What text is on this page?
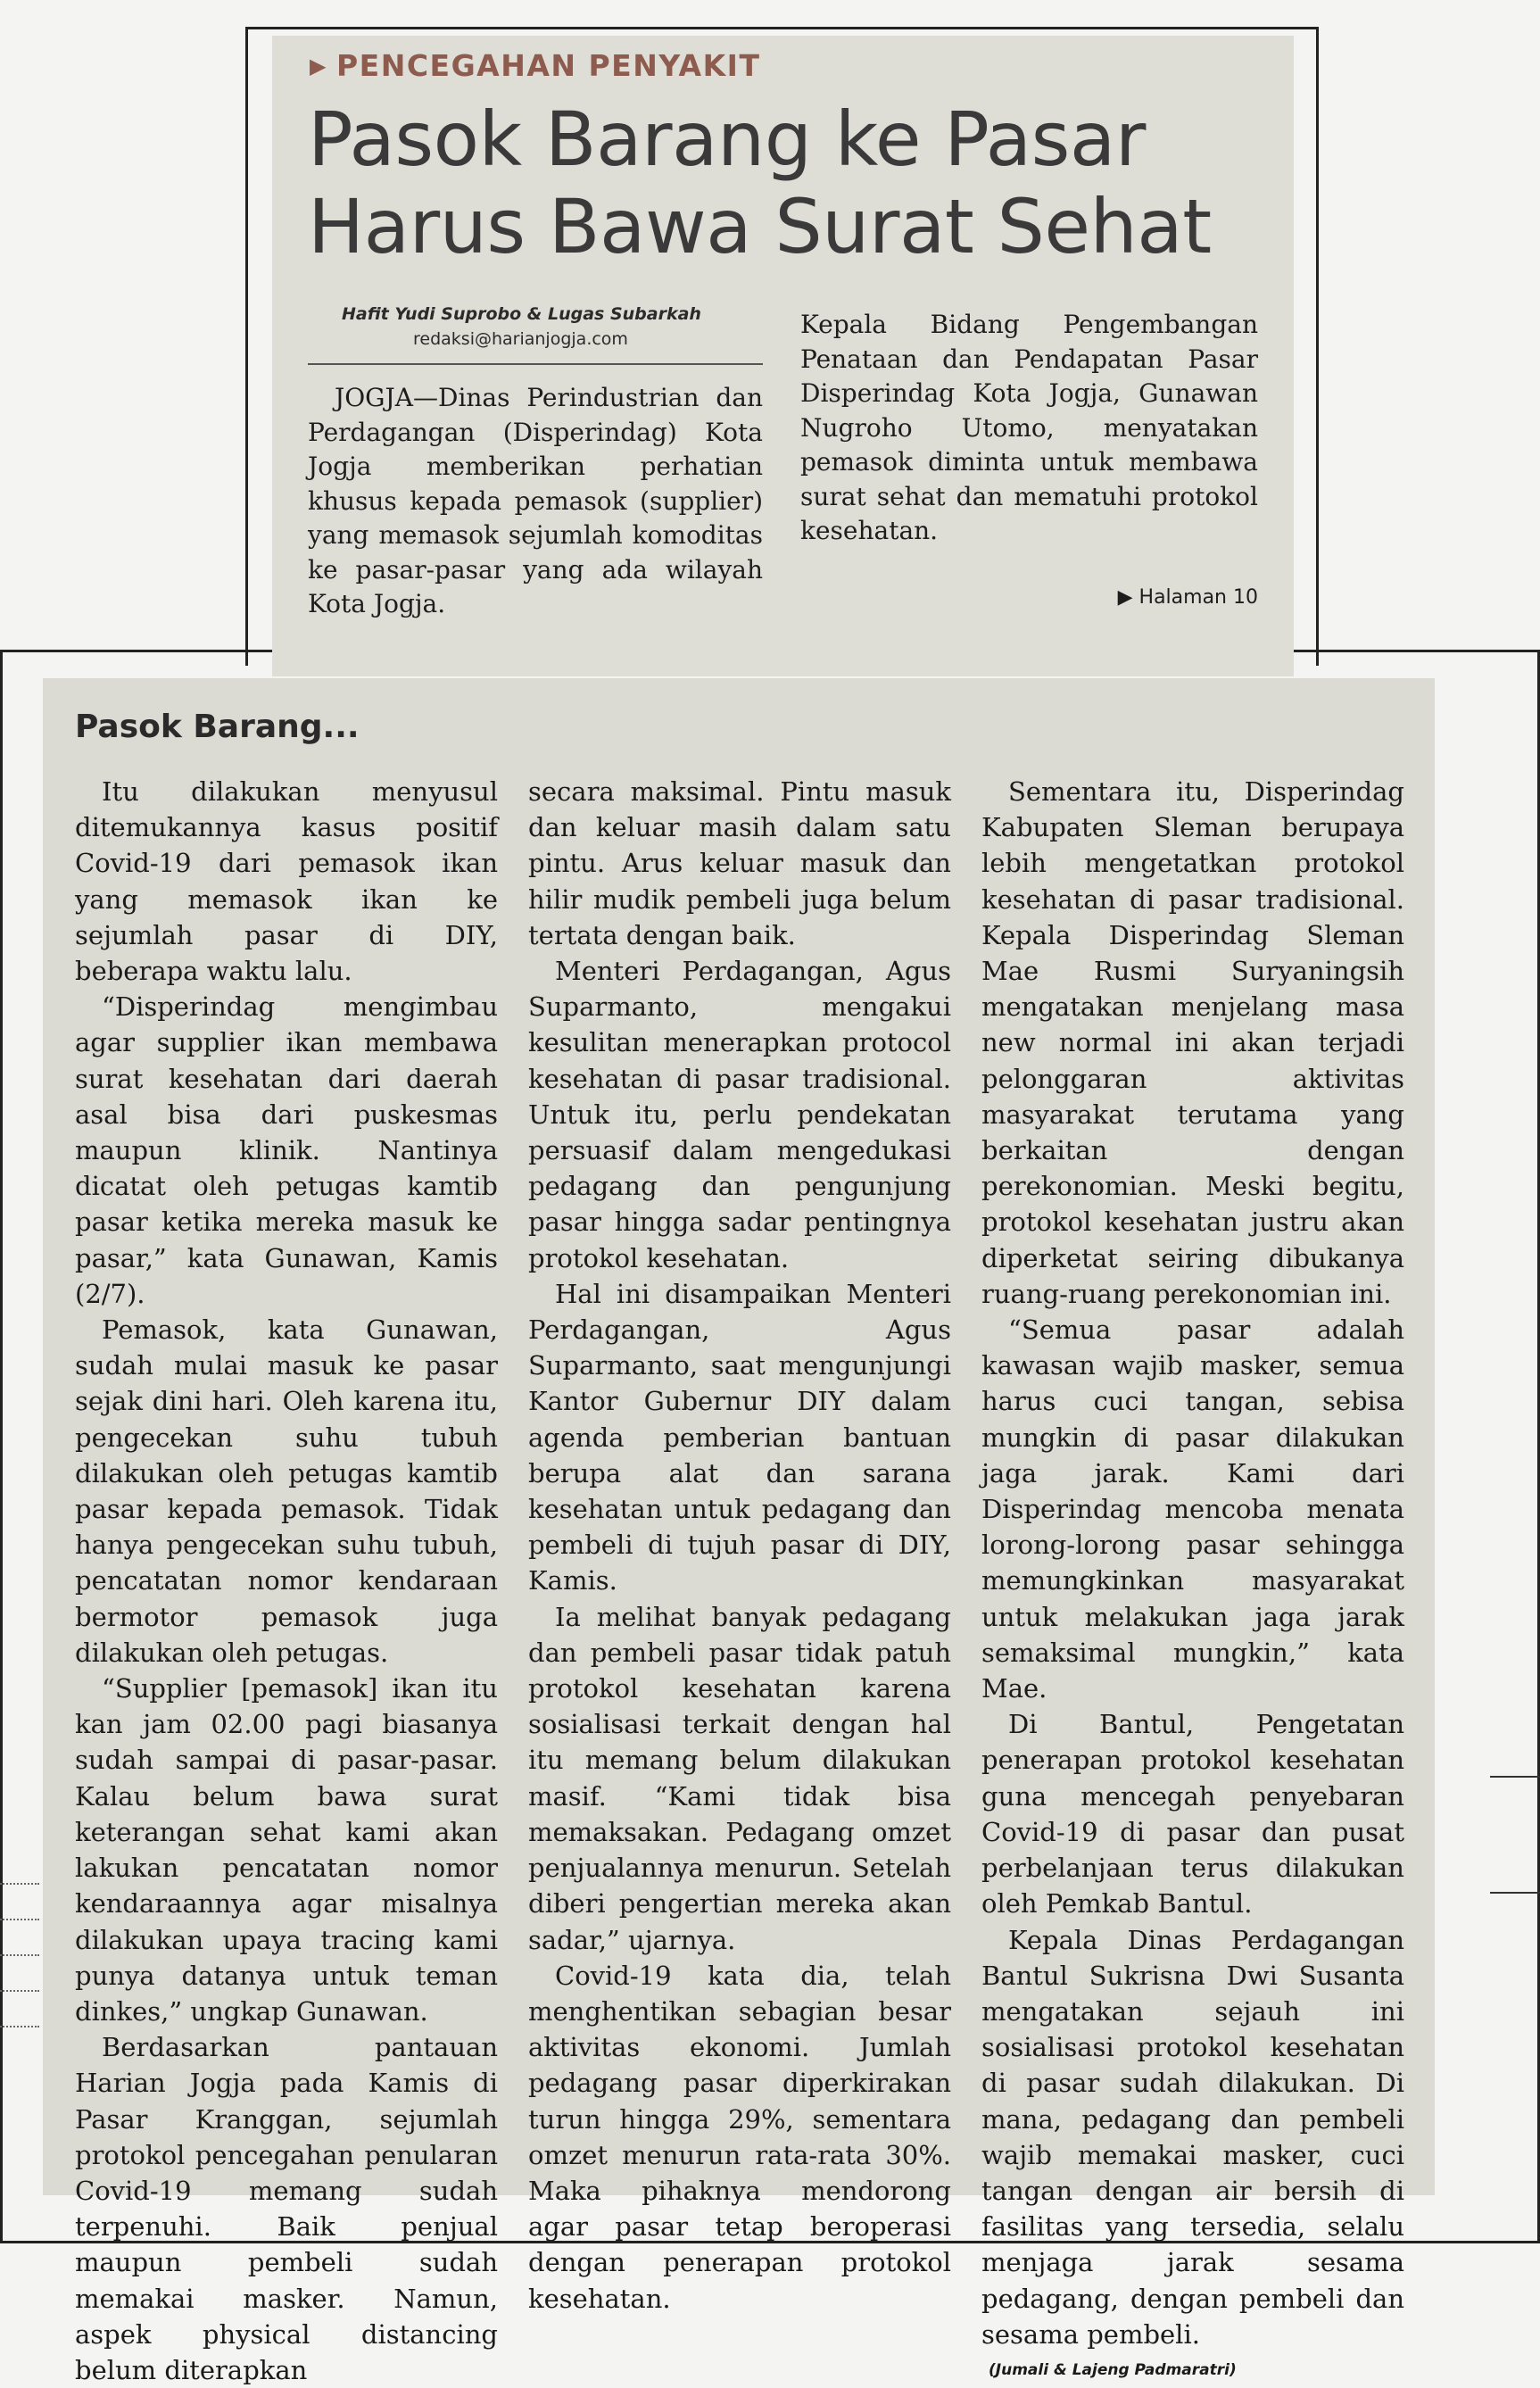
▶ PENCEGAHAN PENYAKIT
Pasok Barang ke Pasar
Harus Bawa Surat Sehat
Hafit Yudi Suprobo & Lugas Subarkah
redaksi@harianjogja.com

JOGJA—Dinas Perindustrian dan Perdagangan (Disperindag) Kota Jogja memberikan perhatian khusus kepada pemasok (supplier) yang memasok sejumlah komoditas ke pasar-pasar yang ada wilayah Kota Jogja.

Kepala Bidang Pengembangan Penataan dan Pendapatan Pasar Disperindag Kota Jogja, Gunawan Nugroho Utomo, menyatakan pemasok diminta untuk membawa surat sehat dan mematuhi protokol kesehatan.

▶ Halaman 10
Pasok Barang...

Itu dilakukan menyusul ditemukannya kasus positif Covid-19 dari pemasok ikan yang memasok ikan ke sejumlah pasar di DIY, beberapa waktu lalu.

“Disperindag mengimbau agar supplier ikan membawa surat kesehatan dari daerah asal bisa dari puskesmas maupun klinik. Nantinya dicatat oleh petugas kamtib pasar ketika mereka masuk ke pasar,” kata Gunawan, Kamis (2/7).

Pemasok, kata Gunawan, sudah mulai masuk ke pasar sejak dini hari. Oleh karena itu, pengecekan suhu tubuh dilakukan oleh petugas kamtib pasar kepada pemasok. Tidak hanya pengecekan suhu tubuh, pencatatan nomor kendaraan bermotor pemasok juga dilakukan oleh petugas.

“Supplier [pemasok] ikan itu kan jam 02.00 pagi biasanya sudah sampai di pasar-pasar. Kalau belum bawa surat keterangan sehat kami akan lakukan pencatatan nomor kendaraannya agar misalnya dilakukan upaya tracing kami punya datanya untuk teman dinkes,” ungkap Gunawan.

Berdasarkan pantauan Harian Jogja pada Kamis di Pasar Kranggan, sejumlah protokol pencegahan penularan Covid-19 memang sudah terpenuhi. Baik penjual maupun pembeli sudah memakai masker. Namun, aspek physical distancing belum diterapkan

secara maksimal. Pintu masuk dan keluar masih dalam satu pintu. Arus keluar masuk dan hilir mudik pembeli juga belum tertata dengan baik.

Menteri Perdagangan, Agus Suparmanto, mengakui kesulitan menerapkan protocol kesehatan di pasar tradisional. Untuk itu, perlu pendekatan persuasif dalam mengedukasi pedagang dan pengunjung pasar hingga sadar pentingnya protokol kesehatan.

Hal ini disampaikan Menteri Perdagangan, Agus Suparmanto, saat mengunjungi Kantor Gubernur DIY dalam agenda pemberian bantuan berupa alat dan sarana kesehatan untuk pedagang dan pembeli di tujuh pasar di DIY, Kamis.

Ia melihat banyak pedagang dan pembeli pasar tidak patuh protokol kesehatan karena sosialisasi terkait dengan hal itu memang belum dilakukan masif. “Kami tidak bisa memaksakan. Pedagang omzet penjualannya menurun. Setelah diberi pengertian mereka akan sadar,” ujarnya.

Covid-19 kata dia, telah menghentikan sebagian besar aktivitas ekonomi. Jumlah pedagang pasar diperkirakan turun hingga 29%, sementara omzet menurun rata-rata 30%. Maka pihaknya mendorong agar pasar tetap beroperasi dengan penerapan protokol kesehatan.

Sementara itu, Disperindag Kabupaten Sleman berupaya lebih mengetatkan protokol kesehatan di pasar tradisional. Kepala Disperindag Sleman Mae Rusmi Suryaningsih mengatakan menjelang masa new normal ini akan terjadi pelonggaran aktivitas masyarakat terutama yang berkaitan dengan perekonomian. Meski begitu, protokol kesehatan justru akan diperketat seiring dibukanya ruang-ruang perekonomian ini.

“Semua pasar adalah kawasan wajib masker, semua harus cuci tangan, sebisa mungkin di pasar dilakukan jaga jarak. Kami dari Disperindag mencoba menata lorong-lorong pasar sehingga memungkinkan masyarakat untuk melakukan jaga jarak semaksimal mungkin,” kata Mae.

Di Bantul, Pengetatan penerapan protokol kesehatan guna mencegah penyebaran Covid-19 di pasar dan pusat perbelanjaan terus dilakukan oleh Pemkab Bantul.

Kepala Dinas Perdagangan Bantul Sukrisna Dwi Susanta mengatakan sejauh ini sosialisasi protokol kesehatan di pasar sudah dilakukan. Di mana, pedagang dan pembeli wajib memakai masker, cuci tangan dengan air bersih di fasilitas yang tersedia, selalu menjaga jarak sesama pedagang, dengan pembeli dan sesama pembeli.

(Jumali & Lajeng Padmaratri)
